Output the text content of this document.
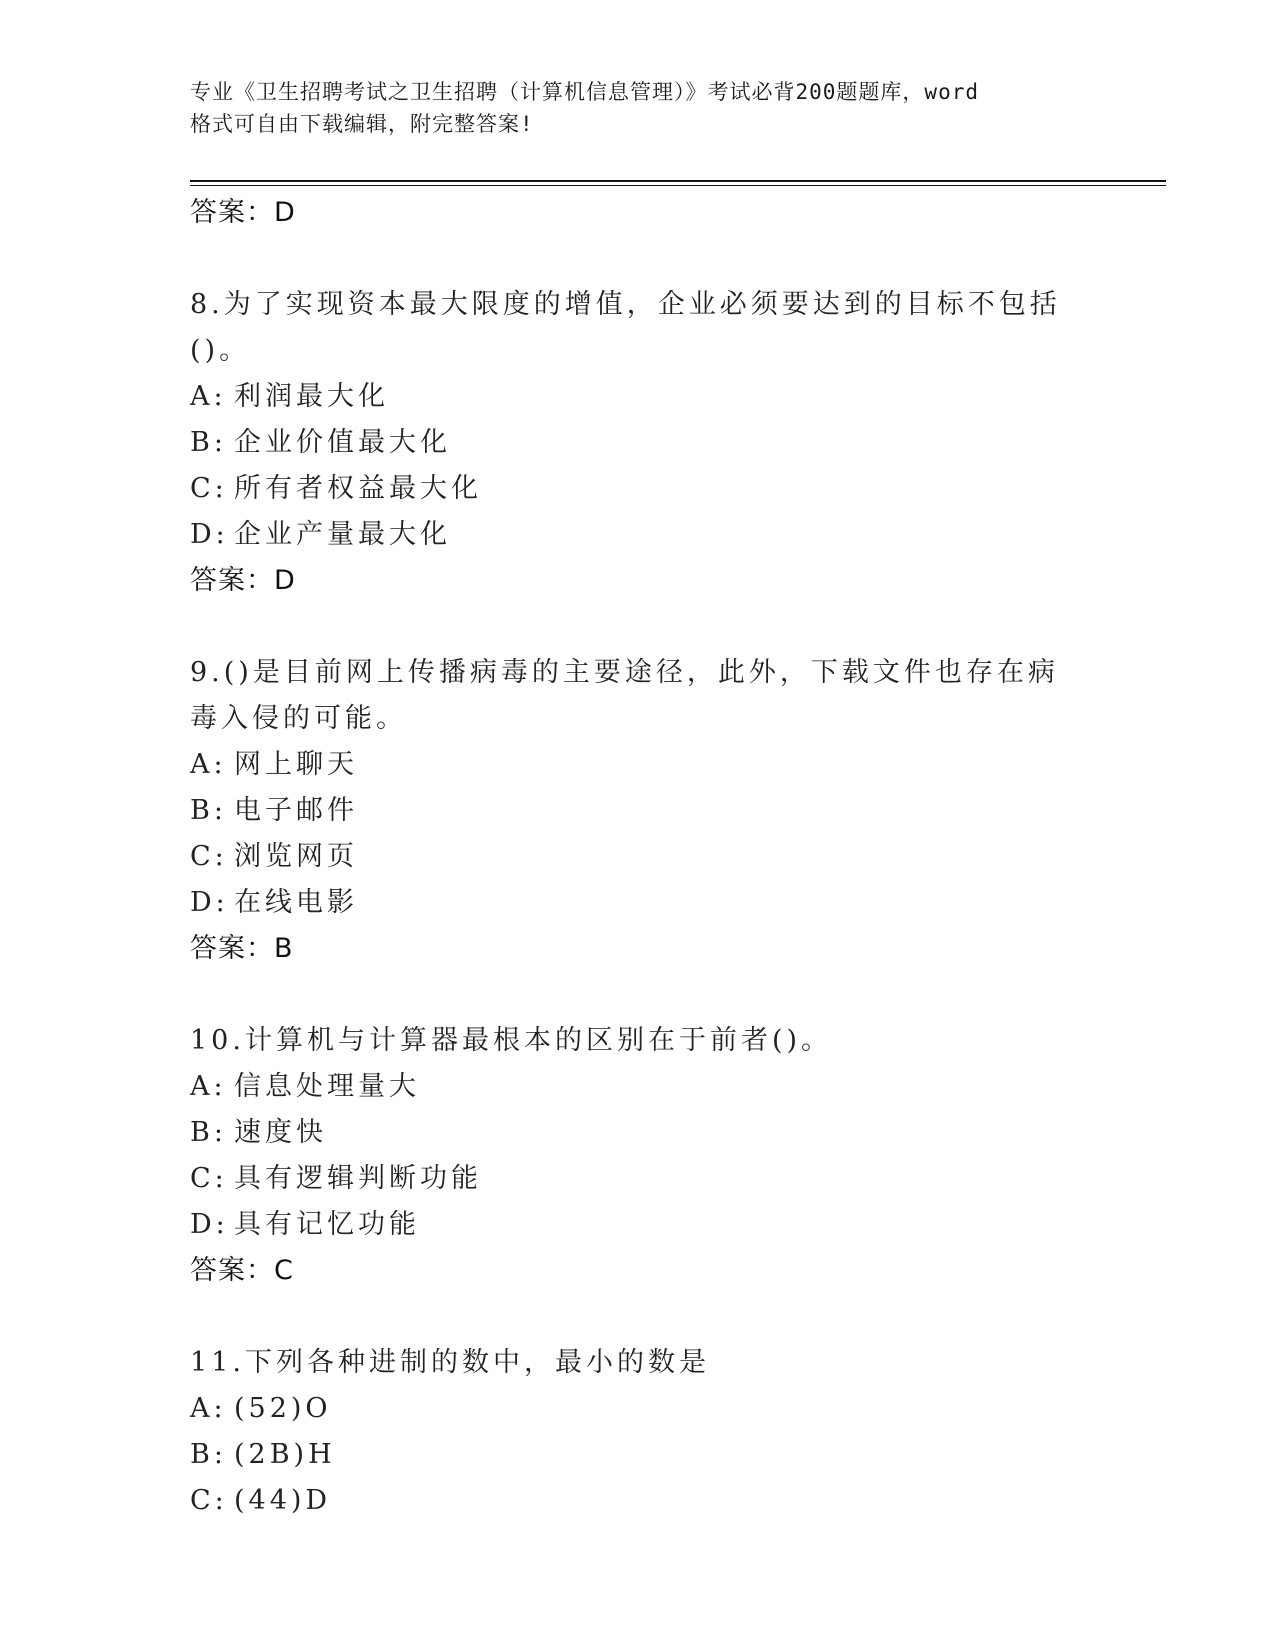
专业《卫生招聘考试之卫生招聘（计算机信息管理）》考试必背200题题库，word
格式可自由下载编辑，附完整答案!
答案：D
8.为了实现资本最大限度的增值，企业必须要达到的目标不包括()。
A: 利润最大化
B: 企业价值最大化
C: 所有者权益最大化
D: 企业产量最大化
答案：D
9.()是目前网上传播病毒的主要途径，此外，下载文件也存在病毒入侵的可能。
A: 网上聊天
B: 电子邮件
C: 浏览网页
D: 在线电影
答案：B
10.计算机与计算器最根本的区别在于前者()。
A: 信息处理量大
B: 速度快
C: 具有逻辑判断功能
D: 具有记忆功能
答案：C
11.下列各种进制的数中，最小的数是
A: (52)O
B: (2B)H
C: (44)D
